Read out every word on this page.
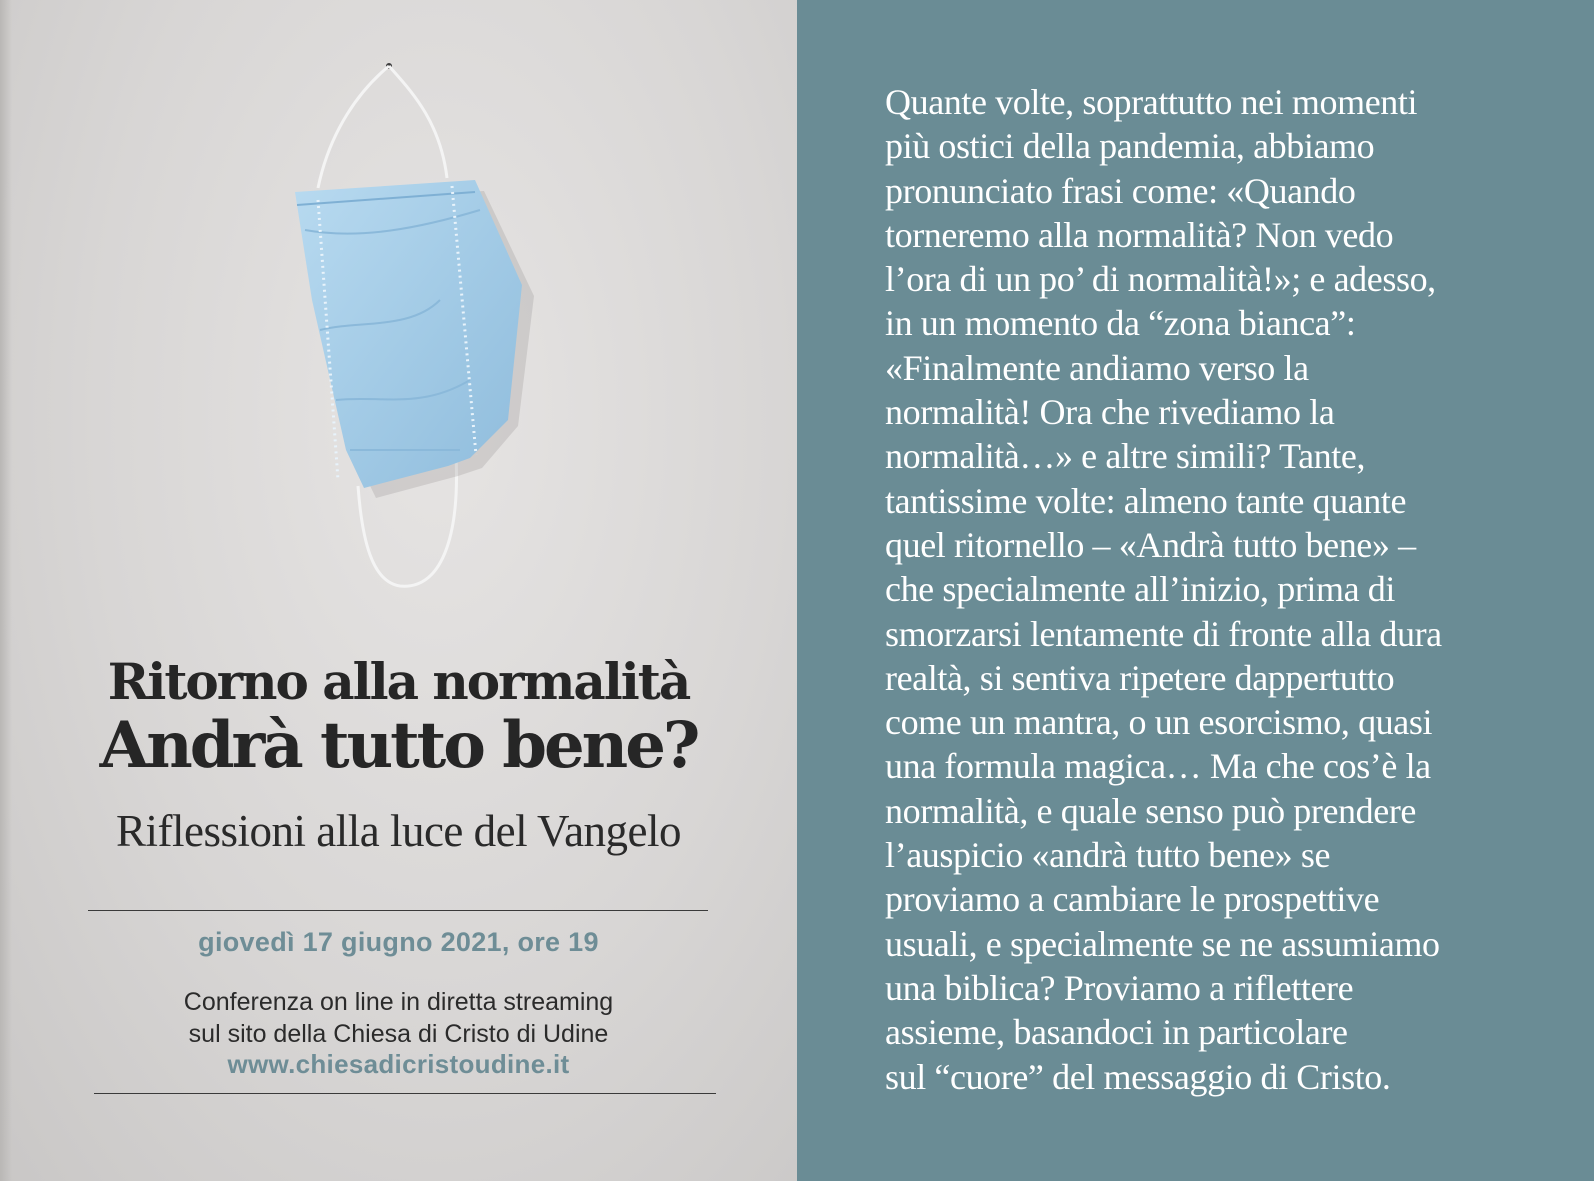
Ritorno alla normalità
Andrà tutto bene?
Riflessioni alla luce del Vangelo
giovedì 17 giugno 2021, ore 19
Conferenza on line in diretta streaming
sul sito della Chiesa di Cristo di Udine
www.chiesadicristoudine.it
Quante volte, soprattutto nei momenti
più ostici della pandemia, abbiamo
pronunciato frasi come: «Quando
torneremo alla normalità? Non vedo
l’ora di un po’ di normalità!»; e adesso,
in un momento da “zona bianca”:
«Finalmente andiamo verso la
normalità! Ora che rivediamo la
normalità…» e altre simili? Tante,
tantissime volte: almeno tante quante
quel ritornello – «Andrà tutto bene» –
che specialmente all’inizio, prima di
smorzarsi lentamente di fronte alla dura
realtà, si sentiva ripetere dappertutto
come un mantra, o un esorcismo, quasi
una formula magica… Ma che cos’è la
normalità, e quale senso può prendere
l’auspicio «andrà tutto bene» se
proviamo a cambiare le prospettive
usuali, e specialmente se ne assumiamo
una biblica? Proviamo a riflettere
assieme, basandoci in particolare
sul “cuore” del messaggio di Cristo.
